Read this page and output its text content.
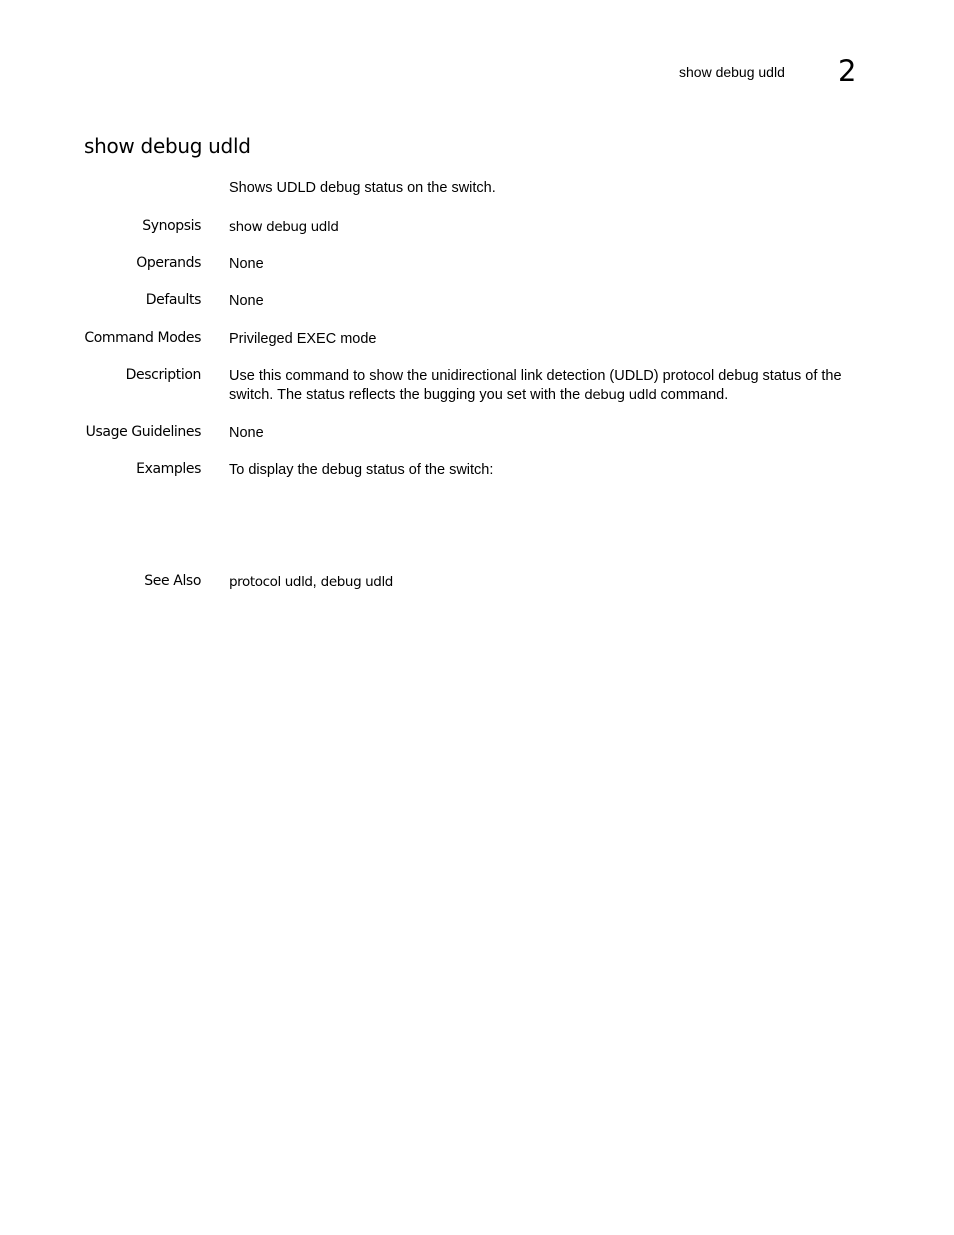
show debug udld 2
show debug udld
Shows UDLD debug status on the switch.
Synopsis show debug udld
Operands None
Defaults None
Command Modes Privileged EXEC mode
Description Use this command to show the unidirectional link detection (UDLD) protocol debug status of the switch. The status reflects the bugging you set with the debug udld command.
Usage Guidelines None
Examples To display the debug status of the switch:
See Also protocol udld, debug udld
